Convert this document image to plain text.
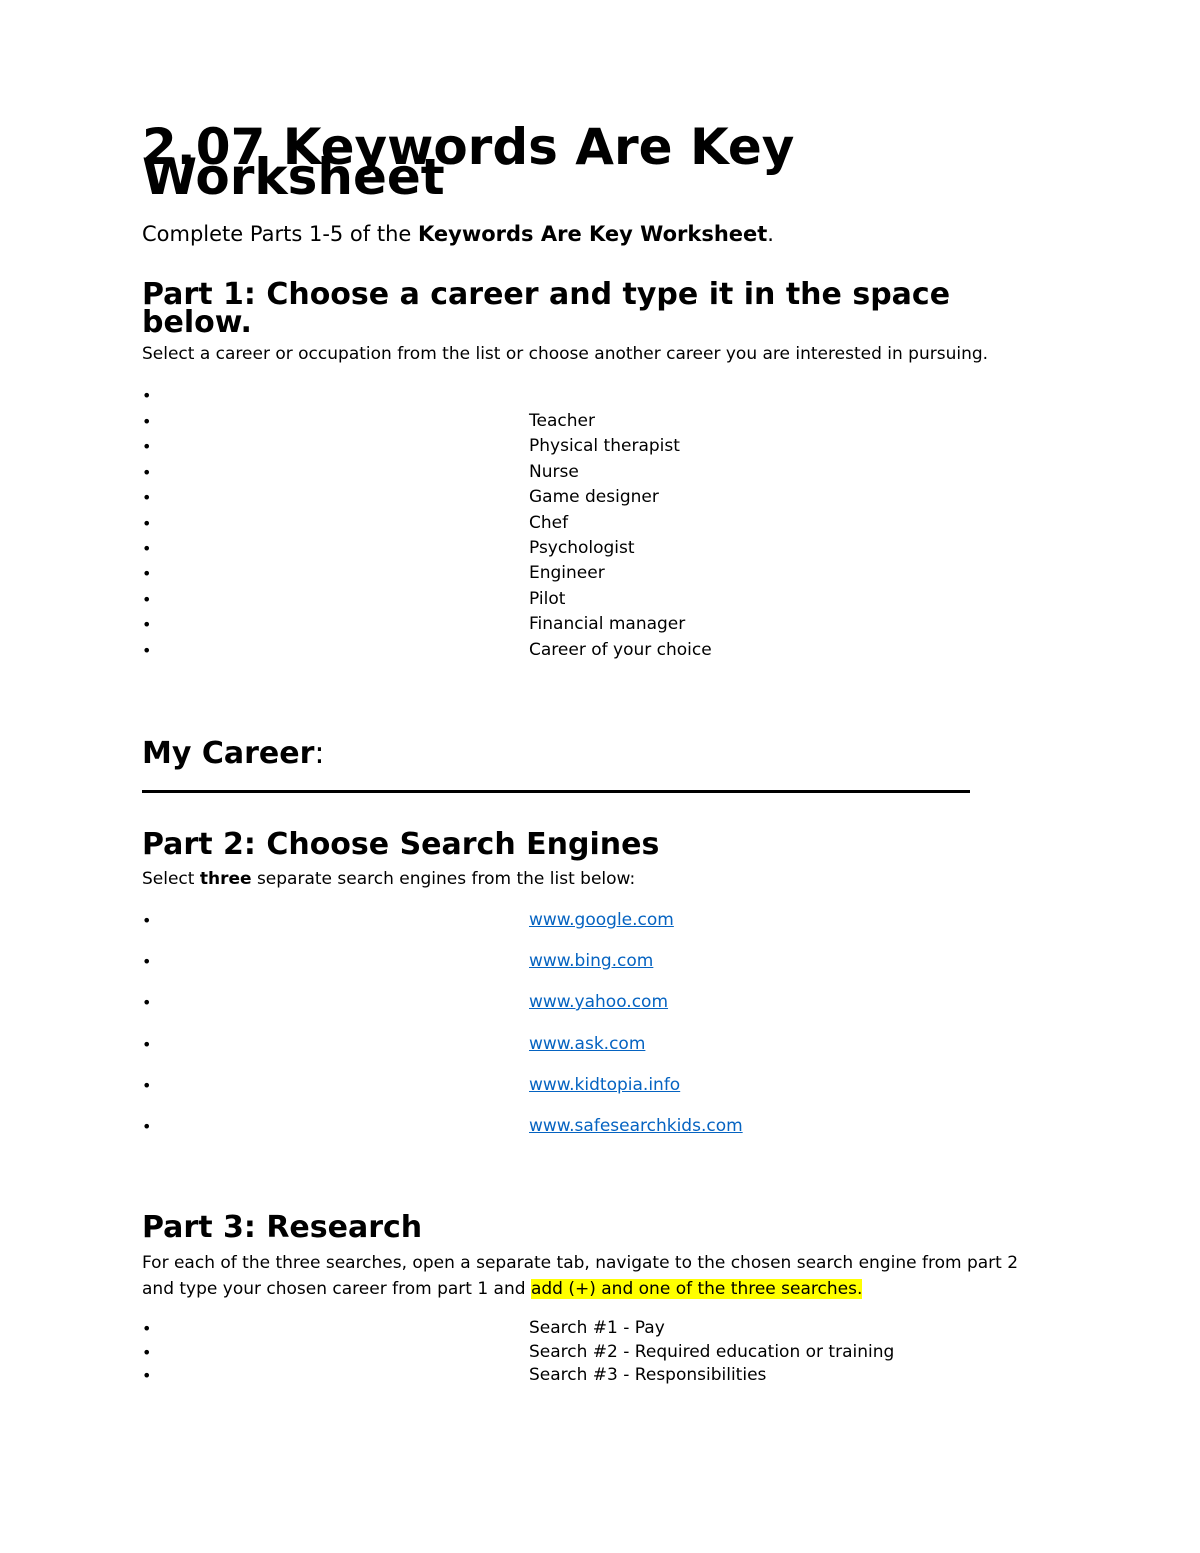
2.07 Keywords Are Key Worksheet
Complete Parts 1-5 of the Keywords Are Key Worksheet.
Part 1: Choose a career and type it in the space below.
Select a career or occupation from the list or choose another career you are interested in pursuing.
•
•	Teacher
•	Physical therapist
•	Nurse
•	Game designer
•	Chef
•	Psychologist
•	Engineer
•	Pilot
•	Financial manager
•	Career of your choice
My Career:
Part 2: Choose Search Engines
Select three separate search engines from the list below:
•	www.google.com
•	www.bing.com
•	www.yahoo.com
•	www.ask.com
•	www.kidtopia.info
•	www.safesearchkids.com
Part 3: Research
For each of the three searches, open a separate tab, navigate to the chosen search engine from part 2
and type your chosen career from part 1 and add (+) and one of the three searches.
•	Search #1 - Pay
•	Search #2 - Required education or training
•	Search #3 - Responsibilities
